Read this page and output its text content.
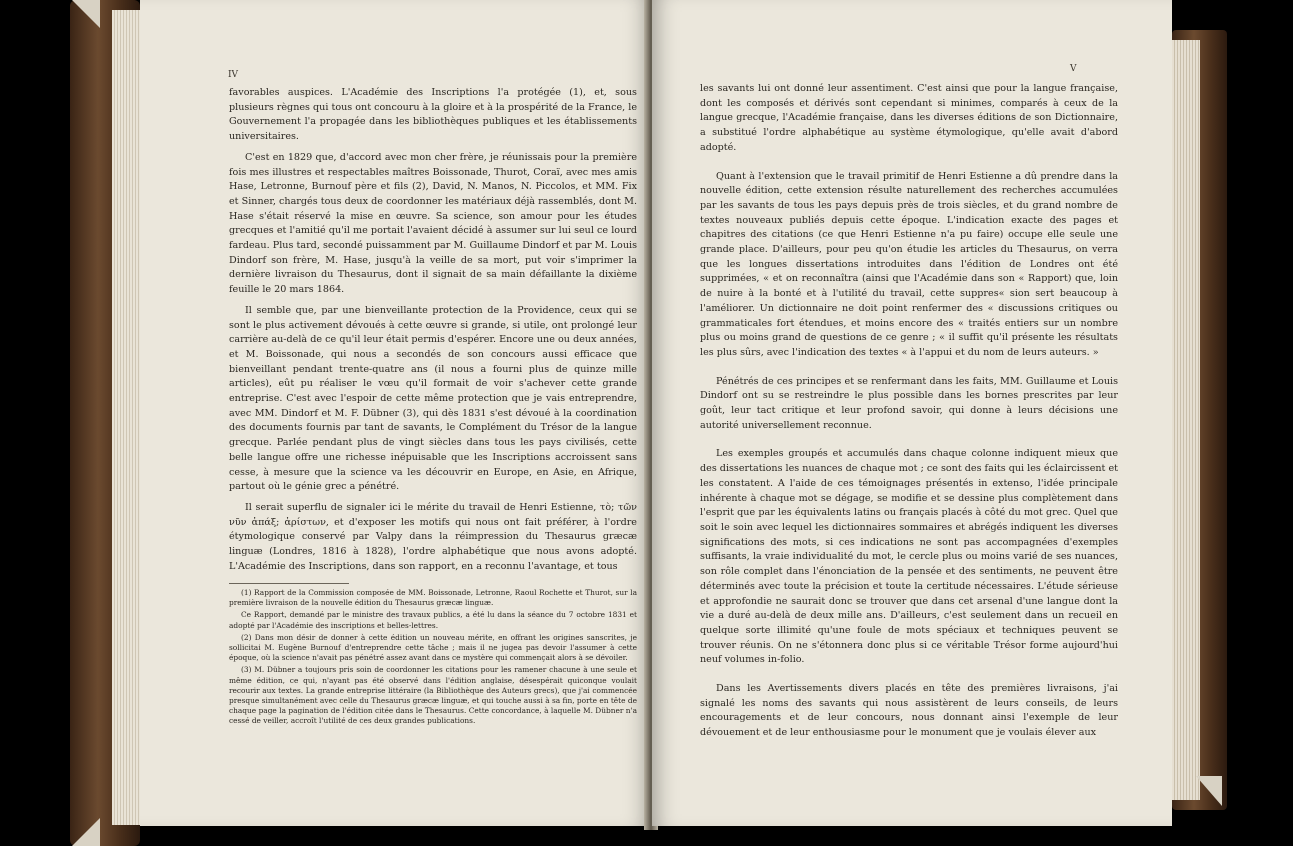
IV

favorables auspices. L'Académie des Inscriptions l'a protégée (1), et, sous plusieurs règnes qui tous ont concouru à la gloire et à la prospérité de la France, le Gouvernement l'a propagée dans les bibliothèques publiques et les établissements universitaires.

C'est en 1829 que, d'accord avec mon cher frère, je réunissais pour la première fois mes illustres et respectables maîtres Boissonade, Thurot, Coraï, avec mes amis Hase, Letronne, Burnouf père et fils (2), David, N. Manos, N. Piccolos, et MM. Fix et Sinner, chargés tous deux de coordonner les matériaux déjà rassemblés, dont M. Hase s'était réservé la mise en œuvre. Sa science, son amour pour les études grecques et l'amitié qu'il me portait l'avaient décidé à assumer sur lui seul ce lourd fardeau. Plus tard, secondé puissamment par M. Guillaume Dindorf et par M. Louis Dindorf son frère, M. Hase, jusqu'à la veille de sa mort, put voir s'imprimer la dernière livraison du Thesaurus, dont il signait de sa main défaillante la dixième feuille le 20 mars 1864.

Il semble que, par une bienveillante protection de la Providence, ceux qui se sont le plus activement dévoués à cette œuvre si grande, si utile, ont prolongé leur carrière au-delà de ce qu'il leur était permis d'espérer. Encore une ou deux années, et M. Boissonade, qui nous a secondés de son concours aussi efficace que bienveillant pendant trente-quatre ans (il nous a fourni plus de quinze mille articles), eût pu réaliser le vœu qu'il formait de voir s'achever cette grande entreprise. C'est avec l'espoir de cette même protection que je vais entreprendre, avec MM. Dindorf et M. F. Dübner (3), qui dès 1831 s'est dévoué à la coordination des documents fournis par tant de savants, le Complément du Trésor de la langue grecque. Parlée pendant plus de vingt siècles dans tous les pays civilisés, cette belle langue offre une richesse inépuisable que les Inscriptions accroissent sans cesse, à mesure que la science va les découvrir en Europe, en Asie, en Afrique, partout où le génie grec a pénétré.

Il serait superflu de signaler ici le mérite du travail de Henri Estienne, τὸ; τῶν νῦν ἀπάξ; ἀρίστων, et d'exposer les motifs qui nous ont fait préférer, à l'ordre étymologique conservé par Valpy dans la réimpression du Thesaurus græcæ linguæ (Londres, 1816 à 1828), l'ordre alphabétique que nous avons adopté. L'Académie des Inscriptions, dans son rapport, en a reconnu l'avantage, et tous

(1) Rapport de la Commission composée de MM. Boissonade, Letronne, Raoul Rochette et Thurot, sur la première livraison de la nouvelle édition du Thesaurus græcæ linguæ.

Ce Rapport, demandé par le ministre des travaux publics, a été lu dans la séance du 7 octobre 1831 et adopté par l'Académie des inscriptions et belles-lettres.

(2) Dans mon désir de donner à cette édition un nouveau mérite, en offrant les origines sanscrites, je sollicitai M. Eugène Burnouf d'entreprendre cette tâche ; mais il ne jugea pas devoir l'assumer à cette époque, où la science n'avait pas pénétré assez avant dans ce mystère qui commençait alors à se dévoiler.

(3) M. Dübner a toujours pris soin de coordonner les citations pour les ramener chacune à une seule et même édition, ce qui, n'ayant pas été observé dans l'édition anglaise, désespérait quiconque voulait recourir aux textes. La grande entreprise littéraire (la Bibliothèque des Auteurs grecs), que j'ai commencée presque simultanément avec celle du Thesaurus græcæ linguæ, et qui touche aussi à sa fin, porte en tête de chaque page la pagination de l'édition citée dans le Thesaurus. Cette concordance, à laquelle M. Dübner n'a cessé de veiller, accroît l'utilité de ces deux grandes publications.

V

les savants lui ont donné leur assentiment. C'est ainsi que pour la langue française, dont les composés et dérivés sont cependant si minimes, comparés à ceux de la langue grecque, l'Académie française, dans les diverses éditions de son Dictionnaire, a substitué l'ordre alphabétique au système étymologique, qu'elle avait d'abord adopté.

Quant à l'extension que le travail primitif de Henri Estienne a dû prendre dans la nouvelle édition, cette extension résulte naturellement des recherches accumulées par les savants de tous les pays depuis près de trois siècles, et du grand nombre de textes nouveaux publiés depuis cette époque. L'indication exacte des pages et chapitres des citations (ce que Henri Estienne n'a pu faire) occupe elle seule une grande place. D'ailleurs, pour peu qu'on étudie les articles du Thesaurus, on verra que les longues dissertations introduites dans l'édition de Londres ont été supprimées, « et on reconnaîtra (ainsi que l'Académie dans son « Rapport) que, loin de nuire à la bonté et à l'utilité du travail, cette suppres« sion sert beaucoup à l'améliorer. Un dictionnaire ne doit point renfermer des « discussions critiques ou grammaticales fort étendues, et moins encore des « traités entiers sur un nombre plus ou moins grand de questions de ce genre ; « il suffit qu'il présente les résultats les plus sûrs, avec l'indication des textes « à l'appui et du nom de leurs auteurs. »

Pénétrés de ces principes et se renfermant dans les faits, MM. Guillaume et Louis Dindorf ont su se restreindre le plus possible dans les bornes prescrites par leur goût, leur tact critique et leur profond savoir, qui donne à leurs décisions une autorité universellement reconnue.

Les exemples groupés et accumulés dans chaque colonne indiquent mieux que des dissertations les nuances de chaque mot ; ce sont des faits qui les éclaircissent et les constatent. A l'aide de ces témoignages présentés in extenso, l'idée principale inhérente à chaque mot se dégage, se modifie et se dessine plus complètement dans l'esprit que par les équivalents latins ou français placés à côté du mot grec. Quel que soit le soin avec lequel les dictionnaires sommaires et abrégés indiquent les diverses significations des mots, si ces indications ne sont pas accompagnées d'exemples suffisants, la vraie individualité du mot, le cercle plus ou moins varié de ses nuances, son rôle complet dans l'énonciation de la pensée et des sentiments, ne peuvent être déterminés avec toute la précision et toute la certitude nécessaires. L'étude sérieuse et approfondie ne saurait donc se trouver que dans cet arsenal d'une langue dont la vie a duré au-delà de deux mille ans. D'ailleurs, c'est seulement dans un recueil en quelque sorte illimité qu'une foule de mots spéciaux et techniques peuvent se trouver réunis. On ne s'étonnera donc plus si ce véritable Trésor forme aujourd'hui neuf volumes in-folio.

Dans les Avertissements divers placés en tête des premières livraisons, j'ai signalé les noms des savants qui nous assistèrent de leurs conseils, de leurs encouragements et de leur concours, nous donnant ainsi l'exemple de leur dévouement et de leur enthousiasme pour le monument que je voulais élever aux
